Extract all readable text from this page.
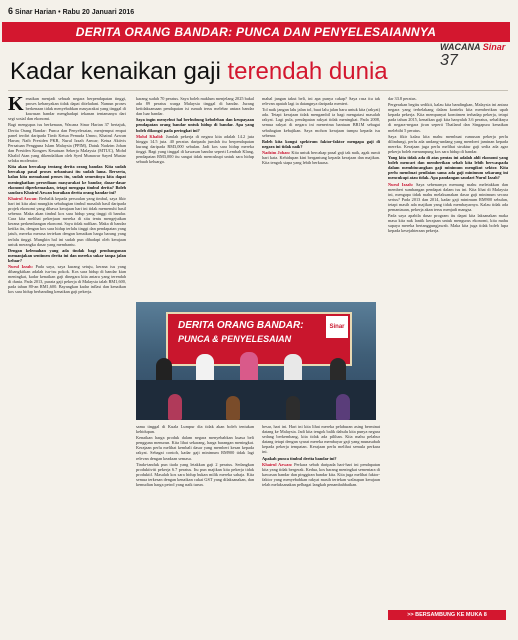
6 Sinar Harian • Rabu 20 Januari 2016
DERITA ORANG BANDAR: PUNCA DAN PENYELESAIANNYA
WACANA Sinar 37
Kadar kenaikan gaji terendah dunia

Kenaikan menjadi sebuah negara berpendapatan tinggi, proses kebanyakan tidak dapat diteladani. Namun proses berkenaan tidak menyebabkan masyarakat yang tinggal di kawasan bandar menghadapi tekanan tentamanya dari segi sosial dan ekonomi.

Bagi mengupas isu berkenaan, Wacana Sinar Harian 37 bertajuk, Derita Orang Bandar: Punca dan Penyelesaian, menjemput empat panel terdiri daripada Timb Ketua Pemuda Umno, Khairul Azwan Harun; Naib Presiden PKR, Nurul Izzah Anwar; Ketua Aktivis Persatuan Pengguna Islam Malaysia (PPIM), Datuk Nadzim Johan dan Presiden Kongres Kesatuan Sekerja Malaysia (MTUC), Mohd Khalid Atan yang dikendalikan oleh Syed Munawar Sayed Mustar selaku moderator.

Kita akan bercakap tentang derita orang bandar. Kita sudah bercakap pasal proses urbanisasi itu sudah lama. Berserta, kalau kita memahami proses itu, sudah semestinya kita dapat meningkatkan persediaan masyarakat ke bandar, dasar-dasar ekonomi diperkemaskan, tetapi mengapa timbul derita? Boleh saudara Khairul Azwan huraikan derita orang bandar ini?

Khairul Azwan: Berbalik kepada persoalan yang timbul, saya fikir hari ini kita akui mungkin sebahagian timbul masalah hasil daripada projek ekonomi yang dibawa kerajaan hari ini tidak memenuhi hasil sebenar. Maka akan timbul kos sara hidup yang tinggi di bandar. Cara kita melihat pekerjaan mereka di situ tentu mengejutkan kerana perkembangan ekonomi. Saya tidak nafikan. Maka di bandar ketika itu, dengan kos sara hidup terlalu tinggi dan pendapatan yang jatuh, mereka merasa tertekan dengan kenaikan harga barang yang terlalu tinggi. Mungkin hal ini sudah pun dihadapi oleh kerajaan untuk merangka dasar yang membantu.

Dengan kelemahan yang ada tindak bagi pembangunan memanjakan sentimen derita ini dan mereka sukar tanpa jalan keluar?

Nurul Izzah: Pada saya, saya kurang setuju, kerana isu yang dibangkitkan adalah isu-isu pokok. Kos sara hidup di bandar kian meningkat, kadar kenaikan gaji dinegara kita antara yang terendah di dunia. Pada 2013, purata gaji pekerja di Malaysia ialah RM1,600, pada tahun 80-an RM1,600. Bayangkan kadar inflasi dan kenaikan kos sara hidup berbanding kenaikan gaji pekerja.

karang sudah 70 peratus. Saya boleh maklum menjelang 2025 bakal ada 89 peratus warga Malaysia tinggal di bandar. Jurang ketidaksamaan pendapatan isi rumah terus melebar antara bandar dan luar bandar.

Saya ingin menyebut hal berhubung kebolehan dan keupayaan pendapatan orang bandar untuk hidup di bandar. Apa yang boleh dikongsi pada peringkat ini?

Mohd Khalid: Jumlah pekerja di negara kita adalah 14.2 juta hingga 14.5 juta. 40 peratus daripada jumlah itu berpendapatan kurang daripada RM3,000 sebulan. Jadi kos sara hidup mereka tinggi. Bagi yang tinggal di kawasan bandar seperti Lembah Klang, pendapatan RM3,000 itu sangat tidak mencukupi untuk sara hidup sebuah keluarga.

sama tinggal di Kuala Lumpur dia tidak akan boleh tentukan kehidupan.

Kenaikan harga produk dalam negara menyebabkan kuasa beli pengguna menurun. Kita lihat sekarang, harga barangan meningkat. Kerajaan perlu melihat kembali dasar yang memberi kesan kepada rakyat. Sebagai contoh, kadar gaji minimum RM900 tidak lagi relevan dengan keadaan semasa.

Tinda-tanduk pun tiada yang letakkan gaji 2 peratus. Sedangkan produktiviti pekerja 6.7 peratus. Itu pun majikan kita pekerja tidak produktif. Masalah kos sara hidup bukan milik mereka sahaja. Kita semua terkesan dengan kenaikan cukai GST yang dilaksanakan, dan kemudian harga petrol yang naik turun.

mahal jangan takut beli, ini apa punya cakap? Saya rasa itu tak relevan apatah lagi ia datangnya daripada menteri.

Tol naik jangan lalu jalan tol, buat lalu jalan baru untuk kita (rakyat) ada. Tetapi kerajaan tidak mengambil ia bagi mengatasi masalah rakyat. Lagi pula, pendapatan rakyat tidak meningkat. Pada 2008, semua rakyat di negara ini menerima bantuan BR1M sebagai sebahagian kebajikan. Saya mohon kerajaan tumpu kepada isu sebenar.

Boleh kita kongsi spektrum faktor-faktor mengapa gaji di negara ini tidak naik?

Nadzim Johan: Kita untuk bercakap pasal gaji tak naik, agak rumit hari kata. Kehidupan kini bergantung kepada kerajaan dan majikan. Kita tengok siapa yang lebih berkuasa.

besar, hari ini. Hari ini kita lihat mereka pelaburan asing berminat datang ke Malaysia. Jadi kita tengok balik dahulu kita punya negara sedang berkembang, kita tidak ada pilihan. Kita mahu pelabur datang tetapi dengan syarat mereka membayar gaji yang munasabah kepada pekerja tempatan. Kerajaan perlu melihat semula perkara ini.

Apakah punca timbul derita bandar ini?

Khairul Azwan: Perkara sebab daripada hari-hari ini pendapatan kita yang tidak bergerak. Kedua, kos barang meningkat sementara di kawasan bandar dan pinggiran bandar kita. Kita juga melihat faktor-faktor yang menyebabkan rakyat masih tertekan walaupun kerajaan telah melaksanakan pelbagai langkah penambahbaikan.

dar 33.8 peratus.

Pergerakan begitu sedikit, kalau kita bandingkan, Malaysia ini antara negara yang terbelakang dalam konteks kita memberikan upah kepada pekerja. Kita mempunyai komitmen terhadap pekerja, tetapi pada tahun 2015, kenaikan gaji kita hanyalah 3.6 peratus, sebaliknya di negara-negara jiran seperti Thailand dan Singapura kenaikan melebihi 5 peratus.

Saya fikir kalau kita mahu membuat rumusan pekerja perlu dilindungi, perlu ada undang-undang yang memberi jaminan kepada mereka. Kerajaan juga perlu melihat struktur gaji sedia ada agar pekerja boleh menampung kos sara hidup di bandar.

Yang kita tidak ada di atas pentas ini adalah ahli ekonomi yang boleh mencari dan memberikan sebab kita lebih berwaspada dalam membincangkan gaji minimum mengikut sektor. Kita perlu membuat penilaian sama ada gaji minimum sekarang ini mencukupi atau tidak. Apa pandangan saudari Nurul Izzah?

Nurul Izzah: Saya sebenarnya memang mahu meletakkan dan memberi sumbangan pendapat dalam isu ini. Kita lihat di Malaysia ini, mengapa tidak mahu melaksanakan dasar gaji minimum secara serius? Pada 2013 dan 2014, kadar gaji minimum RM900 sebulan, tetapi masih ada majikan yang tidak membayarnya. Kalau tidak ada pemantauan, pekerja akan terus menjadi mangsa.

Pada saya apabila dasar program itu dapat kita laksanakan maka masa kita nak lantik kerajaan untuk mengurus ekonomi, kita mahu supaya mereka bertanggungjawab. Maka kita juga tidak boleh lupa kepada kesejahteraan pekerja.

>> BERSAMBUNG KE MUKA 8
DERITA ORANG BANDAR:
PUNCA & PENYELESAIAN
Sinar
